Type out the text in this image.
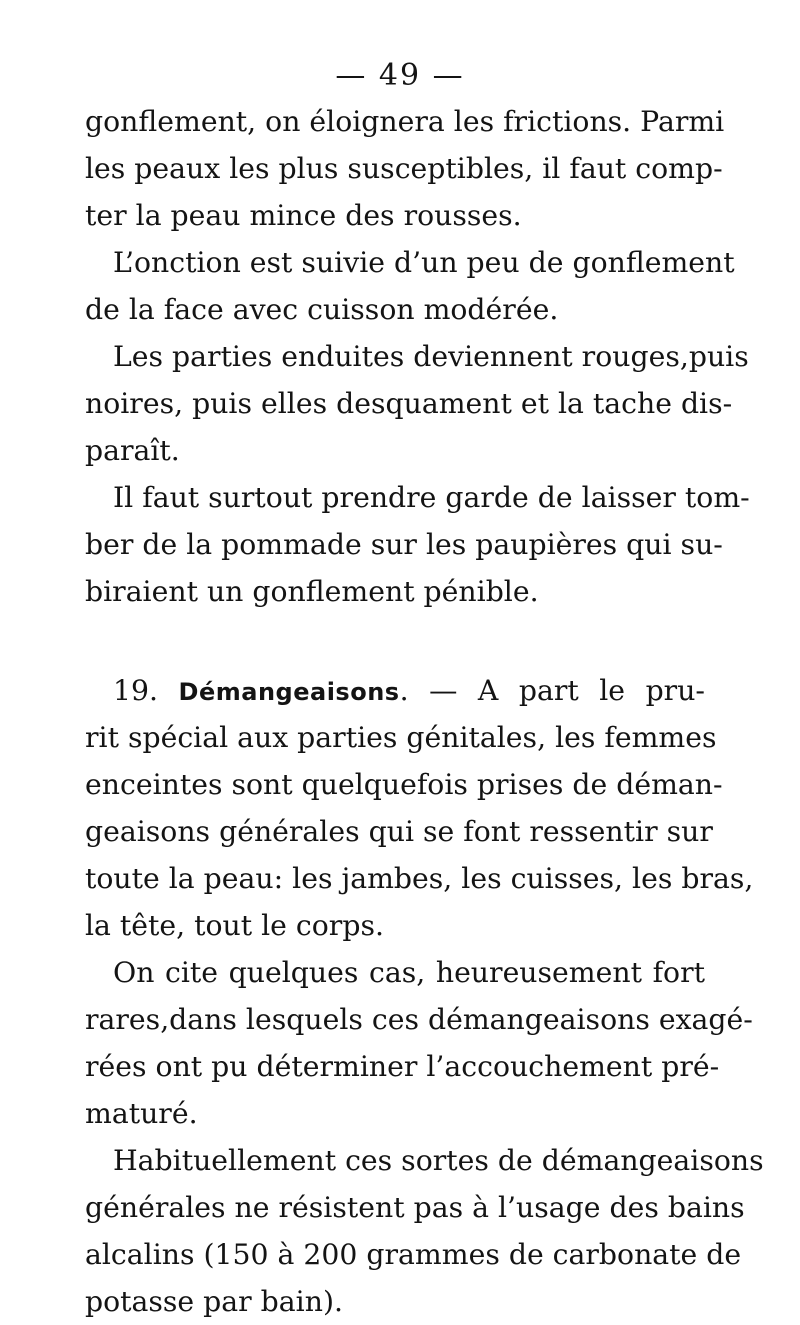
— 49 —
gonflement, on éloignera les frictions. Parmi
les peaux les plus susceptibles, il faut comp-
ter la peau mince des rousses.
L’onction est suivie d’un peu de gonflement
de la face avec cuisson modérée.
Les parties enduites deviennent rouges,puis
noires, puis elles desquament et la tache dis-
paraît.
Il faut surtout prendre garde de laisser tom-
ber de la pommade sur les paupières qui su-
biraient un gonflement pénible.
19. Démangeaisons. — A part le pru-
rit spécial aux parties génitales, les femmes
enceintes sont quelquefois prises de déman-
geaisons générales qui se font ressentir sur
toute la peau: les jambes, les cuisses, les bras,
la tête, tout le corps.
On cite quelques cas, heureusement fort
rares,dans lesquels ces démangeaisons exagé-
rées ont pu déterminer l’accouchement pré-
maturé.
Habituellement ces sortes de démangeaisons
générales ne résistent pas à l’usage des bains
alcalins (150 à 200 grammes de carbonate de
potasse par bain).
